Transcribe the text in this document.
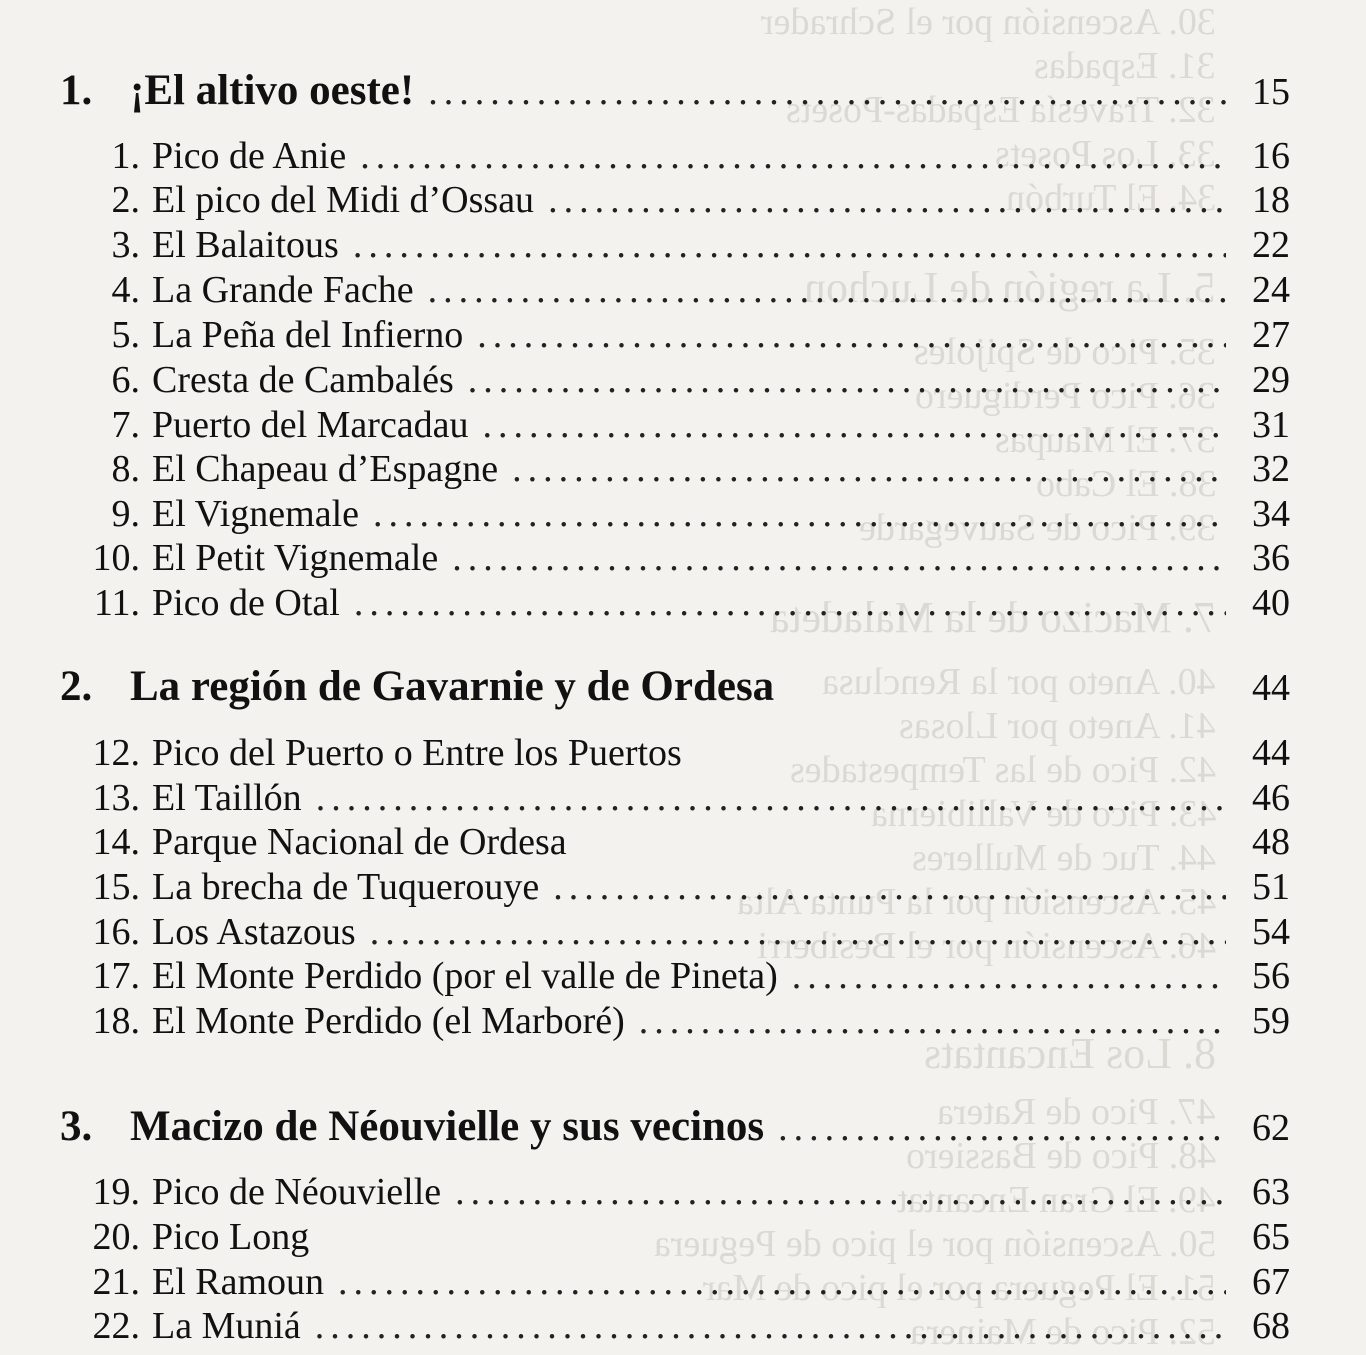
30. Ascensión por el Schrader
31. Espadas
32. Travesía Espadas-Posets
33. Los Posets
34. El Turbón
5. La región de Luchon
35. Pico de Spijoles
36. Pico Perdiguero
37. El Maupas
38. El Cabo
39. Pico de Sauvegarde
7. Macizo de la Maladeta
40. Aneto por la Renclusa
41. Aneto por Llosas
42. Pico de las Tempestades
43. Pico de Vallibierna
44. Tuc de Mulleres
45. Ascensión por la Punta Alta
46. Ascensión por el Besiberri
8. Los Encantats
47. Pico de Ratera
48. Pico de Bassiero
49. El Gran Encantat
50. Ascensión por el pico de Peguera
51. El Peguera por el pico de Mar
52. Pico de Mainera
1. ¡El altivo oeste! .....	15
1. Pico de Anie .....	16
2. El pico del Midi d’Ossau .....	18
3. El Balaitous .....	22
4. La Grande Fache .....	24
5. La Peña del Infierno .....	27
6. Cresta de Cambalés .....	29
7. Puerto del Marcadau .....	31
8. El Chapeau d’Espagne .....	32
9. El Vignemale .....	34
10. El Petit Vignemale .....	36
11. Pico de Otal .....	40
2. La región de Gavarnie y de Ordesa	44
12. Pico del Puerto o Entre los Puertos	44
13. El Taillón .....	46
14. Parque Nacional de Ordesa	48
15. La brecha de Tuquerouye .....	51
16. Los Astazous .....	54
17. El Monte Perdido (por el valle de Pineta) .....	56
18. El Monte Perdido (el Marboré) .....	59
3. Macizo de Néouvielle y sus vecinos .....	62
19. Pico de Néouvielle .....	63
20. Pico Long	65
21. El Ramoun .....	67
22. La Muniá .....	68
